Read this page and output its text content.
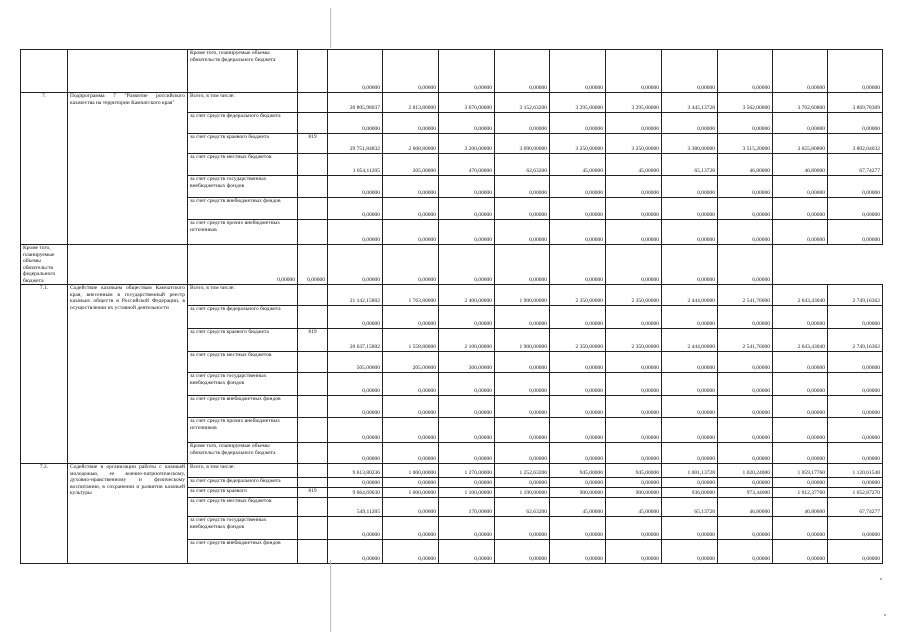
		Кроме того, планируемые объемы обязательств федерального бюджета		0,00000	0,00000	0,00000	0,00000	0,00000	0,00000	0,00000	0,00000	0,00000	0,00000
7.	Подпрограмма 7 "Развитие российского казачества на территории Камчатского края"	Всего, в том числе:		20 805,98037	2 813,80000	3 670,00000	3 152,63200	3 295,00000	3 295,00000	3 445,13728	3 562,00000	3 702,60800	3 869,78309
		за счет средств федерального бюджета		0,00000	0,00000	0,00000	0,00000	0,00000	0,00000	0,00000	0,00000	0,00000	0,00000
		за счет средств краевого бюджета	819	29 751,84832	2 608,80000	3 200,00000	3 090,00000	3 250,00000	3 250,00000	3 380,00000	3 515,20000	3 655,80800	3 802,04032
		за счет средств местных бюджетов		1 054,11205	205,00000	470,00000	62,63200	45,00000	45,00000	65,13728	46,80000	46,80000	67,74277
		за счет средств государственных внебюджетных фондов		0,00000	0,00000	0,00000	0,00000	0,00000	0,00000	0,00000	0,00000	0,00000	0,00000
		за счет средств внебюджетных фондов		0,00000	0,00000	0,00000	0,00000	0,00000	0,00000	0,00000	0,00000	0,00000	0,00000
		за счет средств прочих внебюджетных источников		0,00000	0,00000	0,00000	0,00000	0,00000	0,00000	0,00000	0,00000	0,00000	0,00000
Кроме того, планируемые объемы обязательств федерального бюджета		0,00000	0,00000	0,00000	0,00000	0,00000	0,00000	0,00000	0,00000	0,00000	0,00000		
7.1.	Содействие казачьим обществам Камчатского края, внесенным в государственный реестр казачьих обществ в Российской Федерации, в осуществлении их уставной деятельности	Всего, в том числе:		21 142,15802	1 763,80000	2 400,00000	1 900,00000	2 350,00000	2 350,00000	2 444,00000	2 541,76000	2 643,43040	2 749,16362
		за счет средств федерального бюджета		0,00000	0,00000	0,00000	0,00000	0,00000	0,00000	0,00000	0,00000	0,00000	0,00000
		за счет средств краевого бюджета	819	20 637,15802	1 558,80000	2 100,00000	1 900,00000	2 350,00000	2 350,00000	2 444,00000	2 541,76000	2 643,43040	2 749,16362
		за счет средств местных бюджетов		505,00000	205,00000	300,00000	0,00000	0,00000	0,00000	0,00000	0,00000	0,00000	0,00000
		за счет средств государственных внебюджетных фондов		0,00000	0,00000	0,00000	0,00000	0,00000	0,00000	0,00000	0,00000	0,00000	0,00000
		за счет средств внебюджетных фондов		0,00000	0,00000	0,00000	0,00000	0,00000	0,00000	0,00000	0,00000	0,00000	0,00000
		за счет средств прочих внебюджетных источников		0,00000	0,00000	0,00000	0,00000	0,00000	0,00000	0,00000	0,00000	0,00000	0,00000
		Кроме того, планируемые объемы обязательств федерального бюджета		0,00000	0,00000	0,00000	0,00000	0,00000	0,00000	0,00000	0,00000	0,00000	0,00000
7.2.	Содействие в организации работы с казачьей молодежью, ее военно-патриотическому, духовно-нравственному и физическому воспитанию, в сохранении и развитии казачьей культуры	Всего, в том числе:		9 613,80236	1 000,00000	1 270,00000	1 252,63200	945,00000	945,00000	1 001,13728	1 020,24000	1 059,17760	1 120,61548
		за счет средств федерального бюджета		0,00000	0,00000	0,00000	0,00000	0,00000	0,00000	0,00000	0,00000	0,00000	0,00000
		за счет средств краевого	819	9 064,69030	1 000,00000	1 100,00000	1 190,00000	900,00000	900,00000	936,00000	973,44000	1 012,37760	1 052,87270
		за счет средств местных бюджетов		549,11205	0,00000	170,00000	62,63200	45,00000	45,00000	65,13728	46,80000	46,80000	67,74277
		за счет средств государственных внебюджетных фондов		0,00000	0,00000	0,00000	0,00000	0,00000	0,00000	0,00000	0,00000	0,00000	0,00000
		за счет средств внебюджетных фондов		0,00000	0,00000	0,00000	0,00000	0,00000	0,00000	0,00000	0,00000	0,00000	0,00000
